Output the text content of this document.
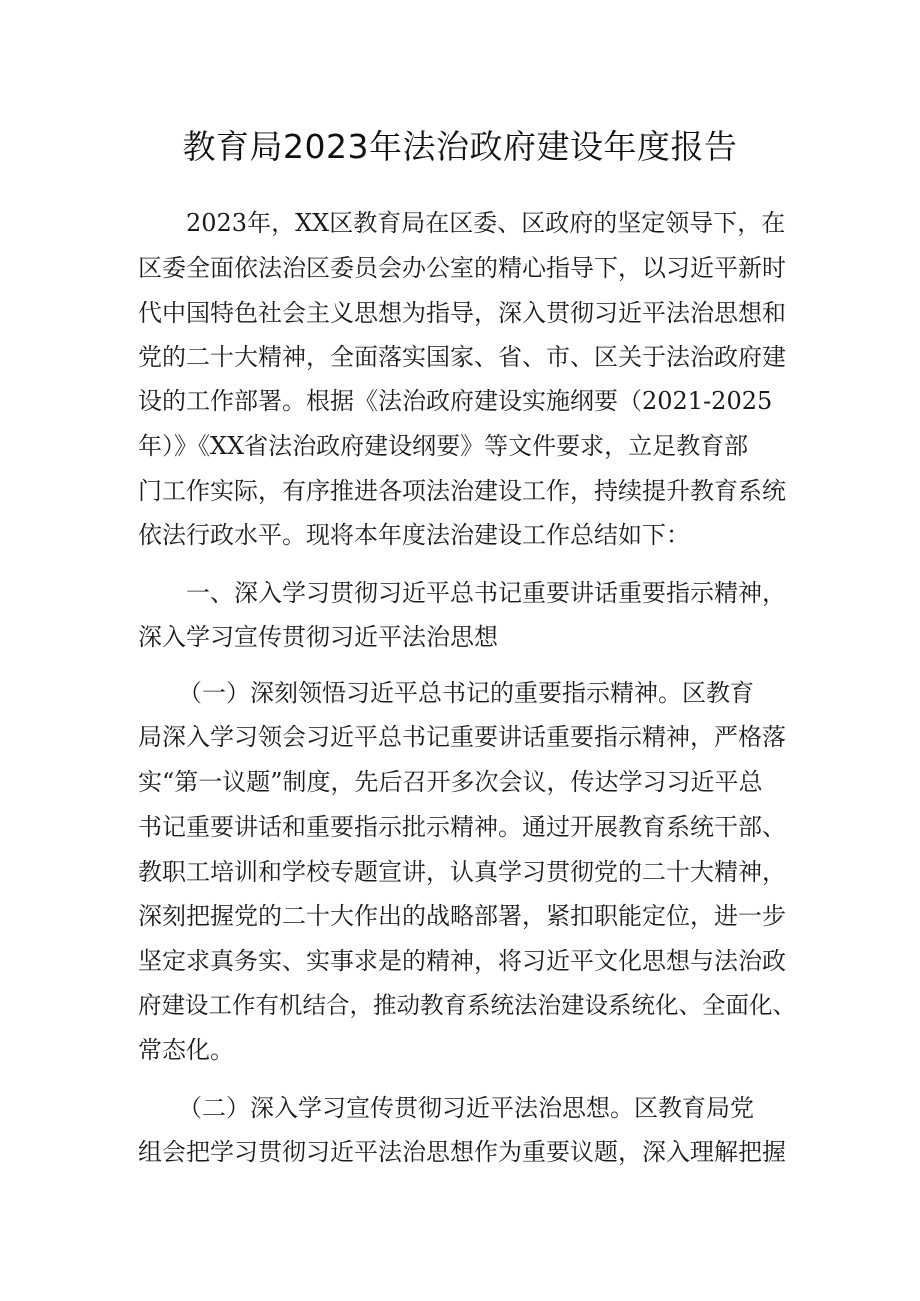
教育局2023年法治政府建设年度报告
2023年，XX区教育局在区委、区政府的坚定领导下，在
区委全面依法治区委员会办公室的精心指导下，以习近平新时
代中国特色社会主义思想为指导，深入贯彻习近平法治思想和
党的二十大精神，全面落实国家、省、市、区关于法治政府建
设的工作部署。根据《法治政府建设实施纲要（2021-2025
年）》《XX省法治政府建设纲要》等文件要求，立足教育部
门工作实际，有序推进各项法治建设工作，持续提升教育系统
依法行政水平。现将本年度法治建设工作总结如下：
一、深入学习贯彻习近平总书记重要讲话重要指示精神，
深入学习宣传贯彻习近平法治思想
（一）深刻领悟习近平总书记的重要指示精神。区教育
局深入学习领会习近平总书记重要讲话重要指示精神，严格落
实“第一议题”制度，先后召开多次会议，传达学习习近平总
书记重要讲话和重要指示批示精神。通过开展教育系统干部、
教职工培训和学校专题宣讲，认真学习贯彻党的二十大精神，
深刻把握党的二十大作出的战略部署，紧扣职能定位，进一步
坚定求真务实、实事求是的精神，将习近平文化思想与法治政
府建设工作有机结合，推动教育系统法治建设系统化、全面化、
常态化。
（二）深入学习宣传贯彻习近平法治思想。区教育局党
组会把学习贯彻习近平法治思想作为重要议题，深入理解把握
